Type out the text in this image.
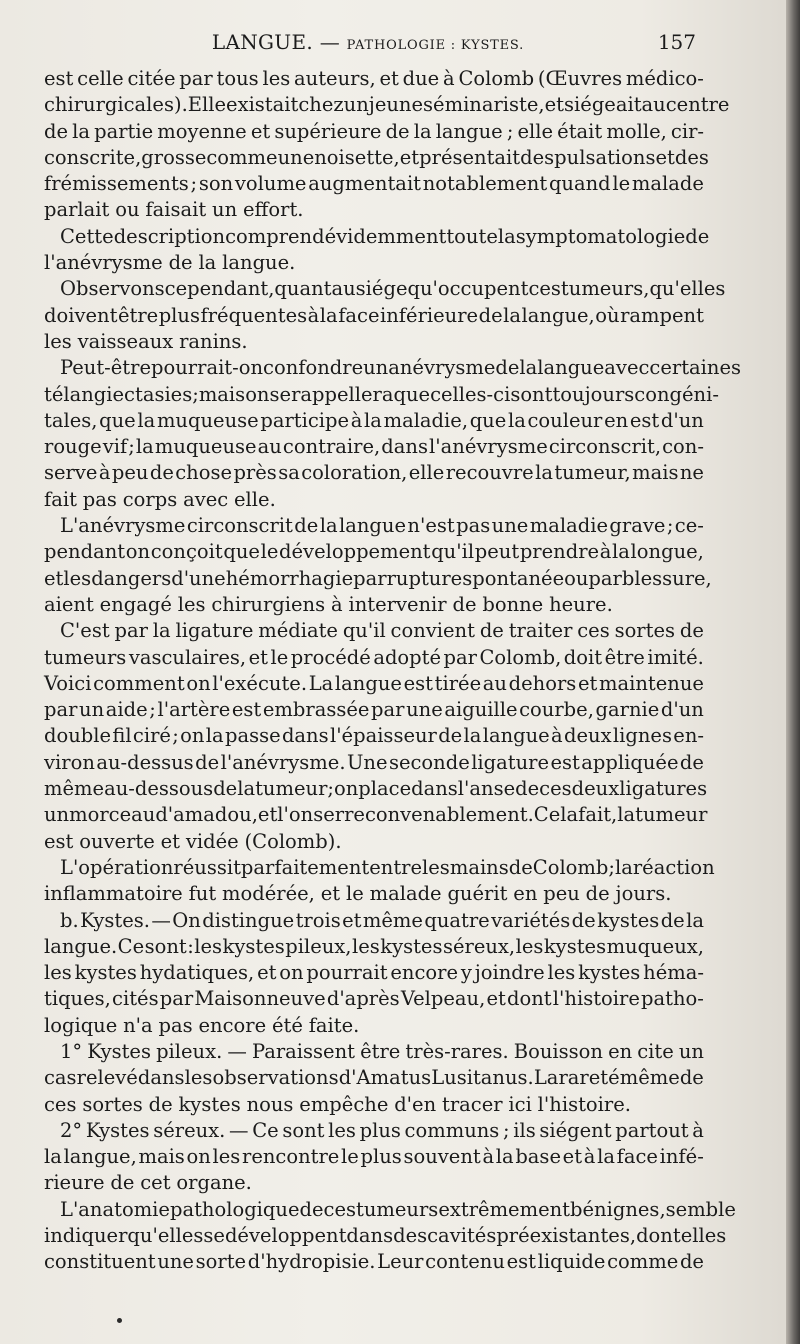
LANGUE. — PATHOLOGIE : KYSTES.	157
est celle citée par tous les auteurs, et due à Colomb (Œuvres médico-
chirurgicales). Elle existait chez un jeune séminariste, et siégeait au centre
de la partie moyenne et supérieure de la langue ; elle était molle, cir-
conscrite, grosse comme une noisette, et présentait des pulsations et des
frémissements ; son volume augmentait notablement quand le malade
parlait ou faisait un effort.
Cette description comprend évidemment toute la symptomatologie de
l'anévrysme de la langue.
Observons cependant, quant au siége qu'occupent ces tumeurs, qu'elles
doivent être plus fréquentes à la face inférieure de la langue, où rampent
les vaisseaux ranins.
Peut-être pourrait-on confondre un anévrysme de la langue avec certaines
télangiectasies ; mais on se rappellera que celles-ci sont toujours congéni-
tales, que la muqueuse participe à la maladie, que la couleur en est d'un
rouge vif ; la muqueuse au contraire, dans l'anévrysme circonscrit, con-
serve à peu de chose près sa coloration, elle recouvre la tumeur, mais ne
fait pas corps avec elle.
L'anévrysme circonscrit de la langue n'est pas une maladie grave ; ce-
pendant on conçoit que le développement qu'il peut prendre à la longue,
et les dangers d'une hémorrhagie par rupture spontanée ou par blessure,
aient engagé les chirurgiens à intervenir de bonne heure.
C'est par la ligature médiate qu'il convient de traiter ces sortes de
tumeurs vasculaires, et le procédé adopté par Colomb, doit être imité.
Voici comment on l'exécute. La langue est tirée au dehors et maintenue
par un aide ; l'artère est embrassée par une aiguille courbe, garnie d'un
double fil ciré ; on la passe dans l'épaisseur de la langue à deux lignes en-
viron au-dessus de l'anévrysme. Une seconde ligature est appliquée de
même au-dessous de la tumeur ; on place dans l'anse de ces deux ligatures
un morceau d'amadou, et l'on serre convenablement. Cela fait, la tumeur
est ouverte et vidée (Colomb).
L'opération réussit parfaitement entre les mains de Colomb ; la réaction
inflammatoire fut modérée, et le malade guérit en peu de jours.
b. Kystes. — On distingue trois et même quatre variétés de kystes de la
langue. Ce sont : les kystes pileux, les kystes séreux, les kystes muqueux,
les kystes hydatiques, et on pourrait encore y joindre les kystes héma-
tiques, cités par Maisonneuve d'après Velpeau, et dont l'histoire patho-
logique n'a pas encore été faite.
1° Kystes pileux. — Paraissent être très-rares. Bouisson en cite un
cas relevé dans les observations d'Amatus Lusitanus. La rareté même de
ces sortes de kystes nous empêche d'en tracer ici l'histoire.
2° Kystes séreux. — Ce sont les plus communs ; ils siégent partout à
la langue, mais on les rencontre le plus souvent à la base et à la face infé-
rieure de cet organe.
L'anatomie pathologique de ces tumeurs extrêmement bénignes, semble
indiquer qu'elles se développent dans des cavités préexistantes, dont elles
constituent une sorte d'hydropisie. Leur contenu est liquide comme de
